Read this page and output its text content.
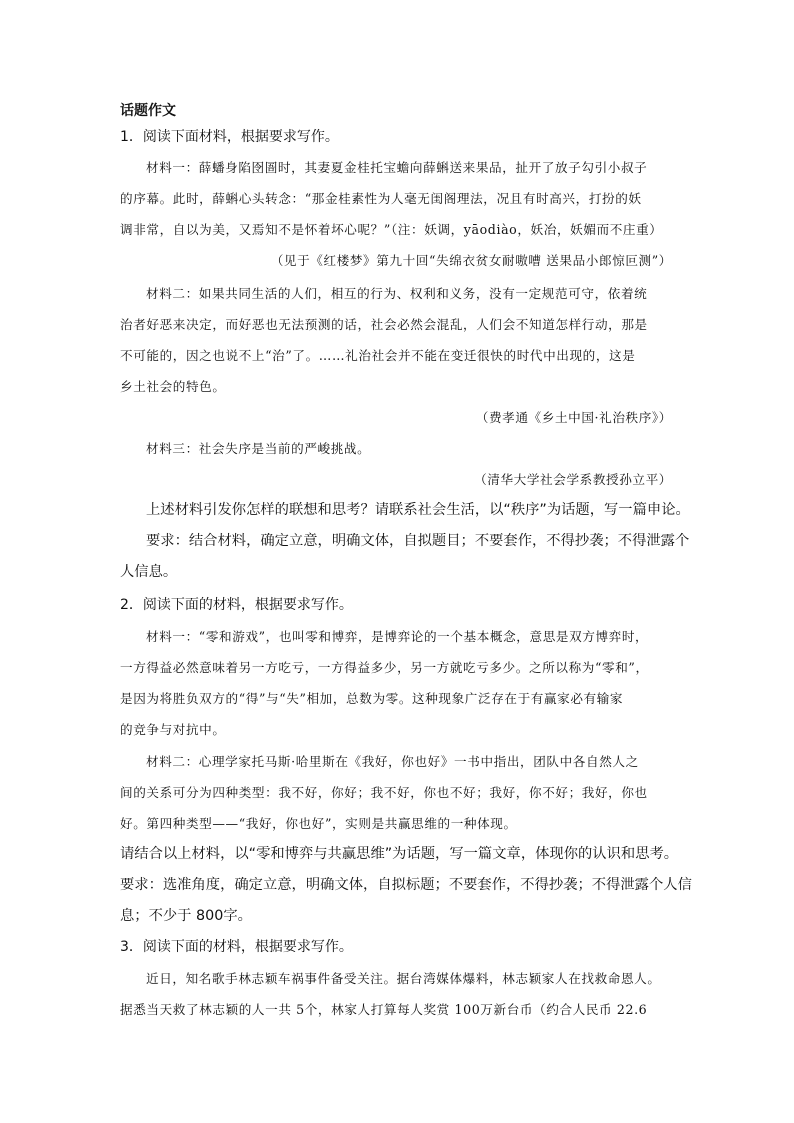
话题作文
1．阅读下面材料，根据要求写作。
材料一：薛蟠身陷囹圄时，其妻夏金桂托宝蟾向薛蝌送来果品，扯开了放子勾引小叔子
的序幕。此时，薛蝌心头转念：“那金桂素性为人毫无闺阁理法，况且有时高兴，打扮的妖
调非常，自以为美，又焉知不是怀着坏心呢？”（注：妖调，yāodiào，妖冶，妖媚而不庄重）
（见于《红楼梦》第九十回“失绵衣贫女耐嗷嘈 送果品小郎惊叵测”）
材料二：如果共同生活的人们，相互的行为、权利和义务，没有一定规范可守，依着统
治者好恶来决定，而好恶也无法预测的话，社会必然会混乱，人们会不知道怎样行动，那是
不可能的，因之也说不上“治”了。……礼治社会并不能在变迁很快的时代中出现的，这是
乡土社会的特色。
（费孝通《乡土中国·礼治秩序》）
材料三：社会失序是当前的严峻挑战。
（清华大学社会学系教授孙立平）
上述材料引发你怎样的联想和思考？请联系社会生活，以“秩序”为话题，写一篇申论。
要求：结合材料，确定立意，明确文体，自拟题目；不要套作，不得抄袭；不得泄露个
人信息。
2．阅读下面的材料，根据要求写作。
材料一：“零和游戏”，也叫零和博弈，是博弈论的一个基本概念，意思是双方博弈时，
一方得益必然意味着另一方吃亏，一方得益多少，另一方就吃亏多少。之所以称为“零和”，
是因为将胜负双方的“得”与“失”相加，总数为零。这种现象广泛存在于有赢家必有输家
的竞争与对抗中。
材料二：心理学家托马斯·哈里斯在《我好，你也好》一书中指出，团队中各自然人之
间的关系可分为四种类型：我不好，你好；我不好，你也不好；我好，你不好；我好，你也
好。第四种类型——“我好，你也好”，实则是共赢思维的一种体现。
请结合以上材料，以“零和博弈与共赢思维”为话题，写一篇文章，体现你的认识和思考。
要求：选准角度，确定立意，明确文体，自拟标题；不要套作，不得抄袭；不得泄露个人信
息；不少于 800字。
3．阅读下面的材料，根据要求写作。
近日，知名歌手林志颖车祸事件备受关注。据台湾媒体爆料，林志颖家人在找救命恩人。
据悉当天救了林志颖的人一共 5个，林家人打算每人奖赏 100万新台币（约合人民币 22.6
